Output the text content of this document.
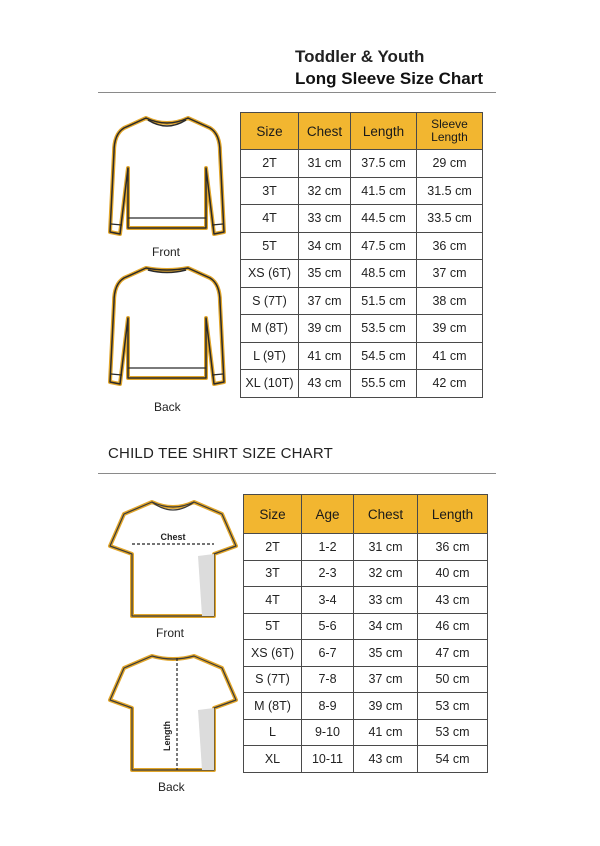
Toddler & Youth
Long Sleeve Size Chart
Front
Back
Size	Chest	Length	Sleeve Length
2T	31 cm	37.5 cm	29 cm
3T	32 cm	41.5 cm	31.5 cm
4T	33 cm	44.5 cm	33.5 cm
5T	34 cm	47.5 cm	36 cm
XS (6T)	35 cm	48.5 cm	37 cm
S (7T)	37 cm	51.5 cm	38 cm
M (8T)	39 cm	53.5 cm	39 cm
L (9T)	41 cm	54.5 cm	41 cm
XL (10T)	43 cm	55.5 cm	42 cm
CHILD TEE SHIRT SIZE CHART
Chest
Front
Length
Back
Size	Age	Chest	Length
2T	1-2	31 cm	36 cm
3T	2-3	32 cm	40 cm
4T	3-4	33 cm	43 cm
5T	5-6	34 cm	46 cm
XS (6T)	6-7	35 cm	47 cm
S (7T)	7-8	37 cm	50 cm
M (8T)	8-9	39 cm	53 cm
L	9-10	41 cm	53 cm
XL	10-11	43 cm	54 cm
